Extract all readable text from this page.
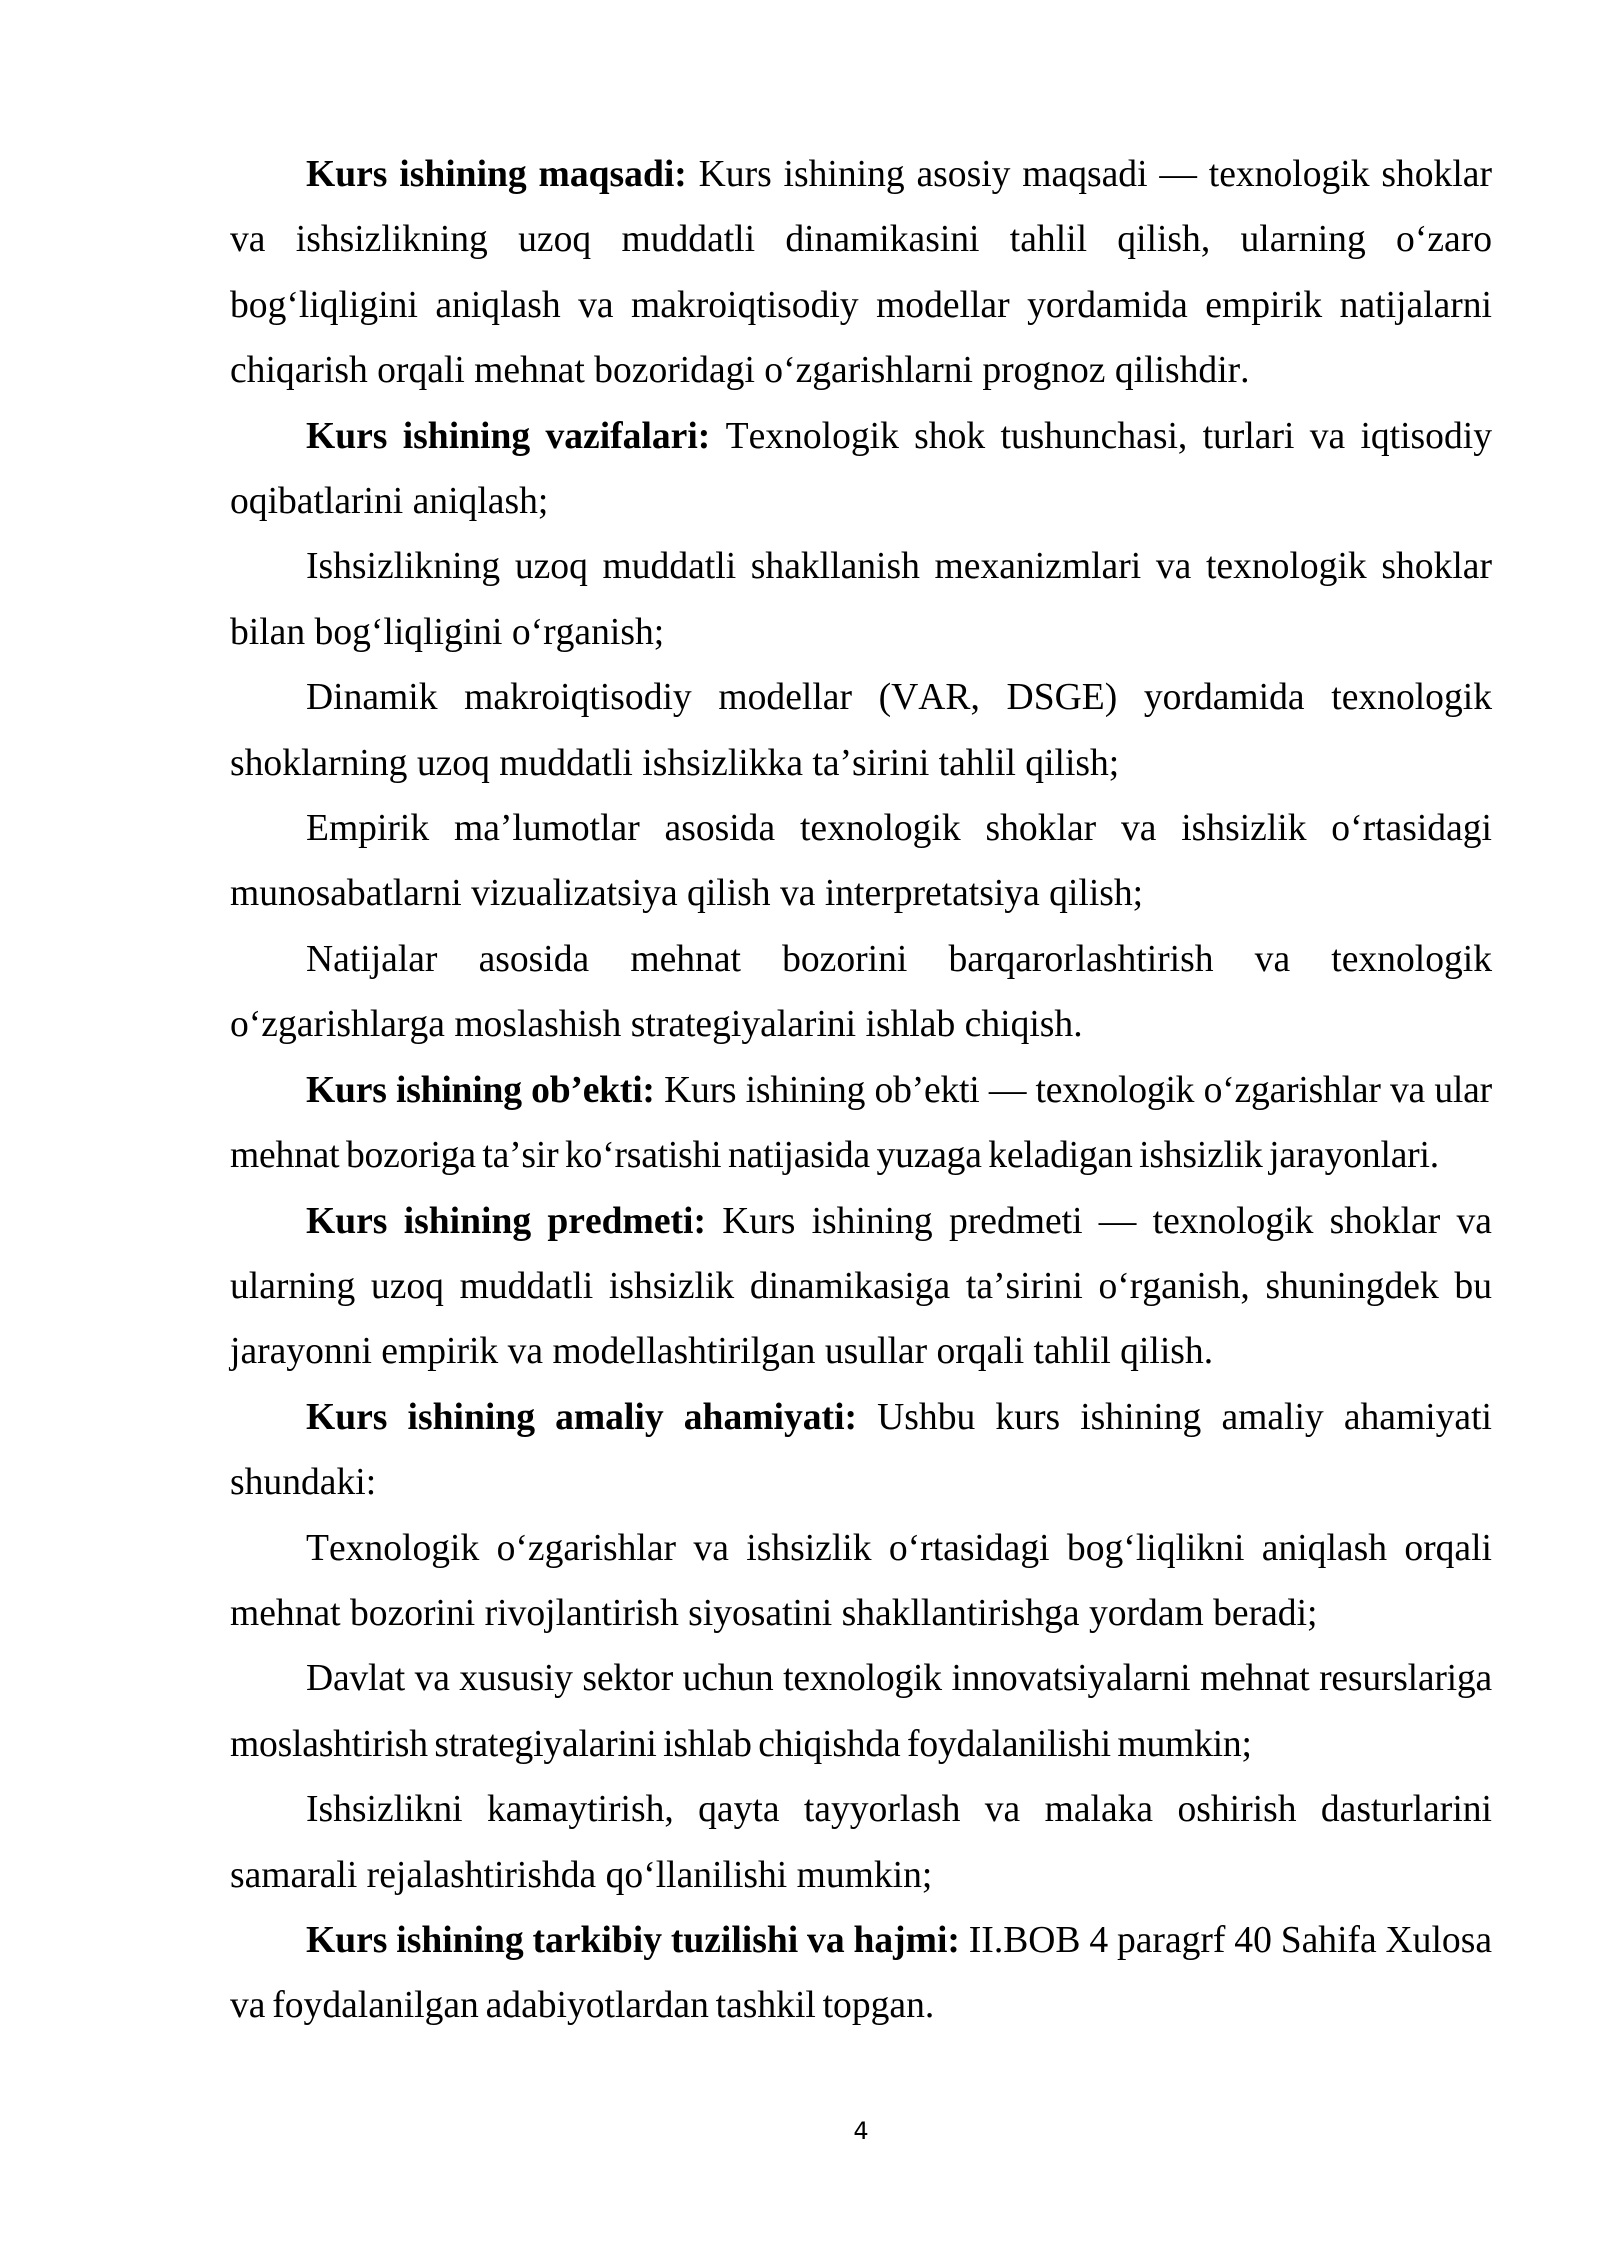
Kurs ishining maqsadi: Kurs ishining asosiy maqsadi — texnologik shoklar va ishsizlikning uzoq muddatli dinamikasini tahlil qilish, ularning o‘zaro bog‘liqligini aniqlash va makroiqtisodiy modellar yordamida empirik natijalarni chiqarish orqali mehnat bozoridagi o‘zgarishlarni prognoz qilishdir.

Kurs ishining vazifalari: Texnologik shok tushunchasi, turlari va iqtisodiy oqibatlarini aniqlash;

Ishsizlikning uzoq muddatli shakllanish mexanizmlari va texnologik shoklar bilan bog‘liqligini o‘rganish;

Dinamik makroiqtisodiy modellar (VAR, DSGE) yordamida texnologik shoklarning uzoq muddatli ishsizlikka ta’sirini tahlil qilish;

Empirik ma’lumotlar asosida texnologik shoklar va ishsizlik o‘rtasidagi munosabatlarni vizualizatsiya qilish va interpretatsiya qilish;

Natijalar asosida mehnat bozorini barqarorlashtirish va texnologik o‘zgarishlarga moslashish strategiyalarini ishlab chiqish.

Kurs ishining ob’ekti: Kurs ishining ob’ekti — texnologik o‘zgarishlar va ular mehnat bozoriga ta’sir ko‘rsatishi natijasida yuzaga keladigan ishsizlik jarayonlari.

Kurs ishining predmeti: Kurs ishining predmeti — texnologik shoklar va ularning uzoq muddatli ishsizlik dinamikasiga ta’sirini o‘rganish, shuningdek bu jarayonni empirik va modellashtirilgan usullar orqali tahlil qilish.

Kurs ishining amaliy ahamiyati: Ushbu kurs ishining amaliy ahamiyati shundaki:

Texnologik o‘zgarishlar va ishsizlik o‘rtasidagi bog‘liqlikni aniqlash orqali mehnat bozorini rivojlantirish siyosatini shakllantirishga yordam beradi;

Davlat va xususiy sektor uchun texnologik innovatsiyalarni mehnat resurslariga moslashtirish strategiyalarini ishlab chiqishda foydalanilishi mumkin;

Ishsizlikni kamaytirish, qayta tayyorlash va malaka oshirish dasturlarini samarali rejalashtirishda qo‘llanilishi mumkin;

Kurs ishining tarkibiy tuzilishi va hajmi: II.BOB 4 paragrf 40 Sahifa Xulosa va foydalanilgan adabiyotlardan tashkil topgan.

4
